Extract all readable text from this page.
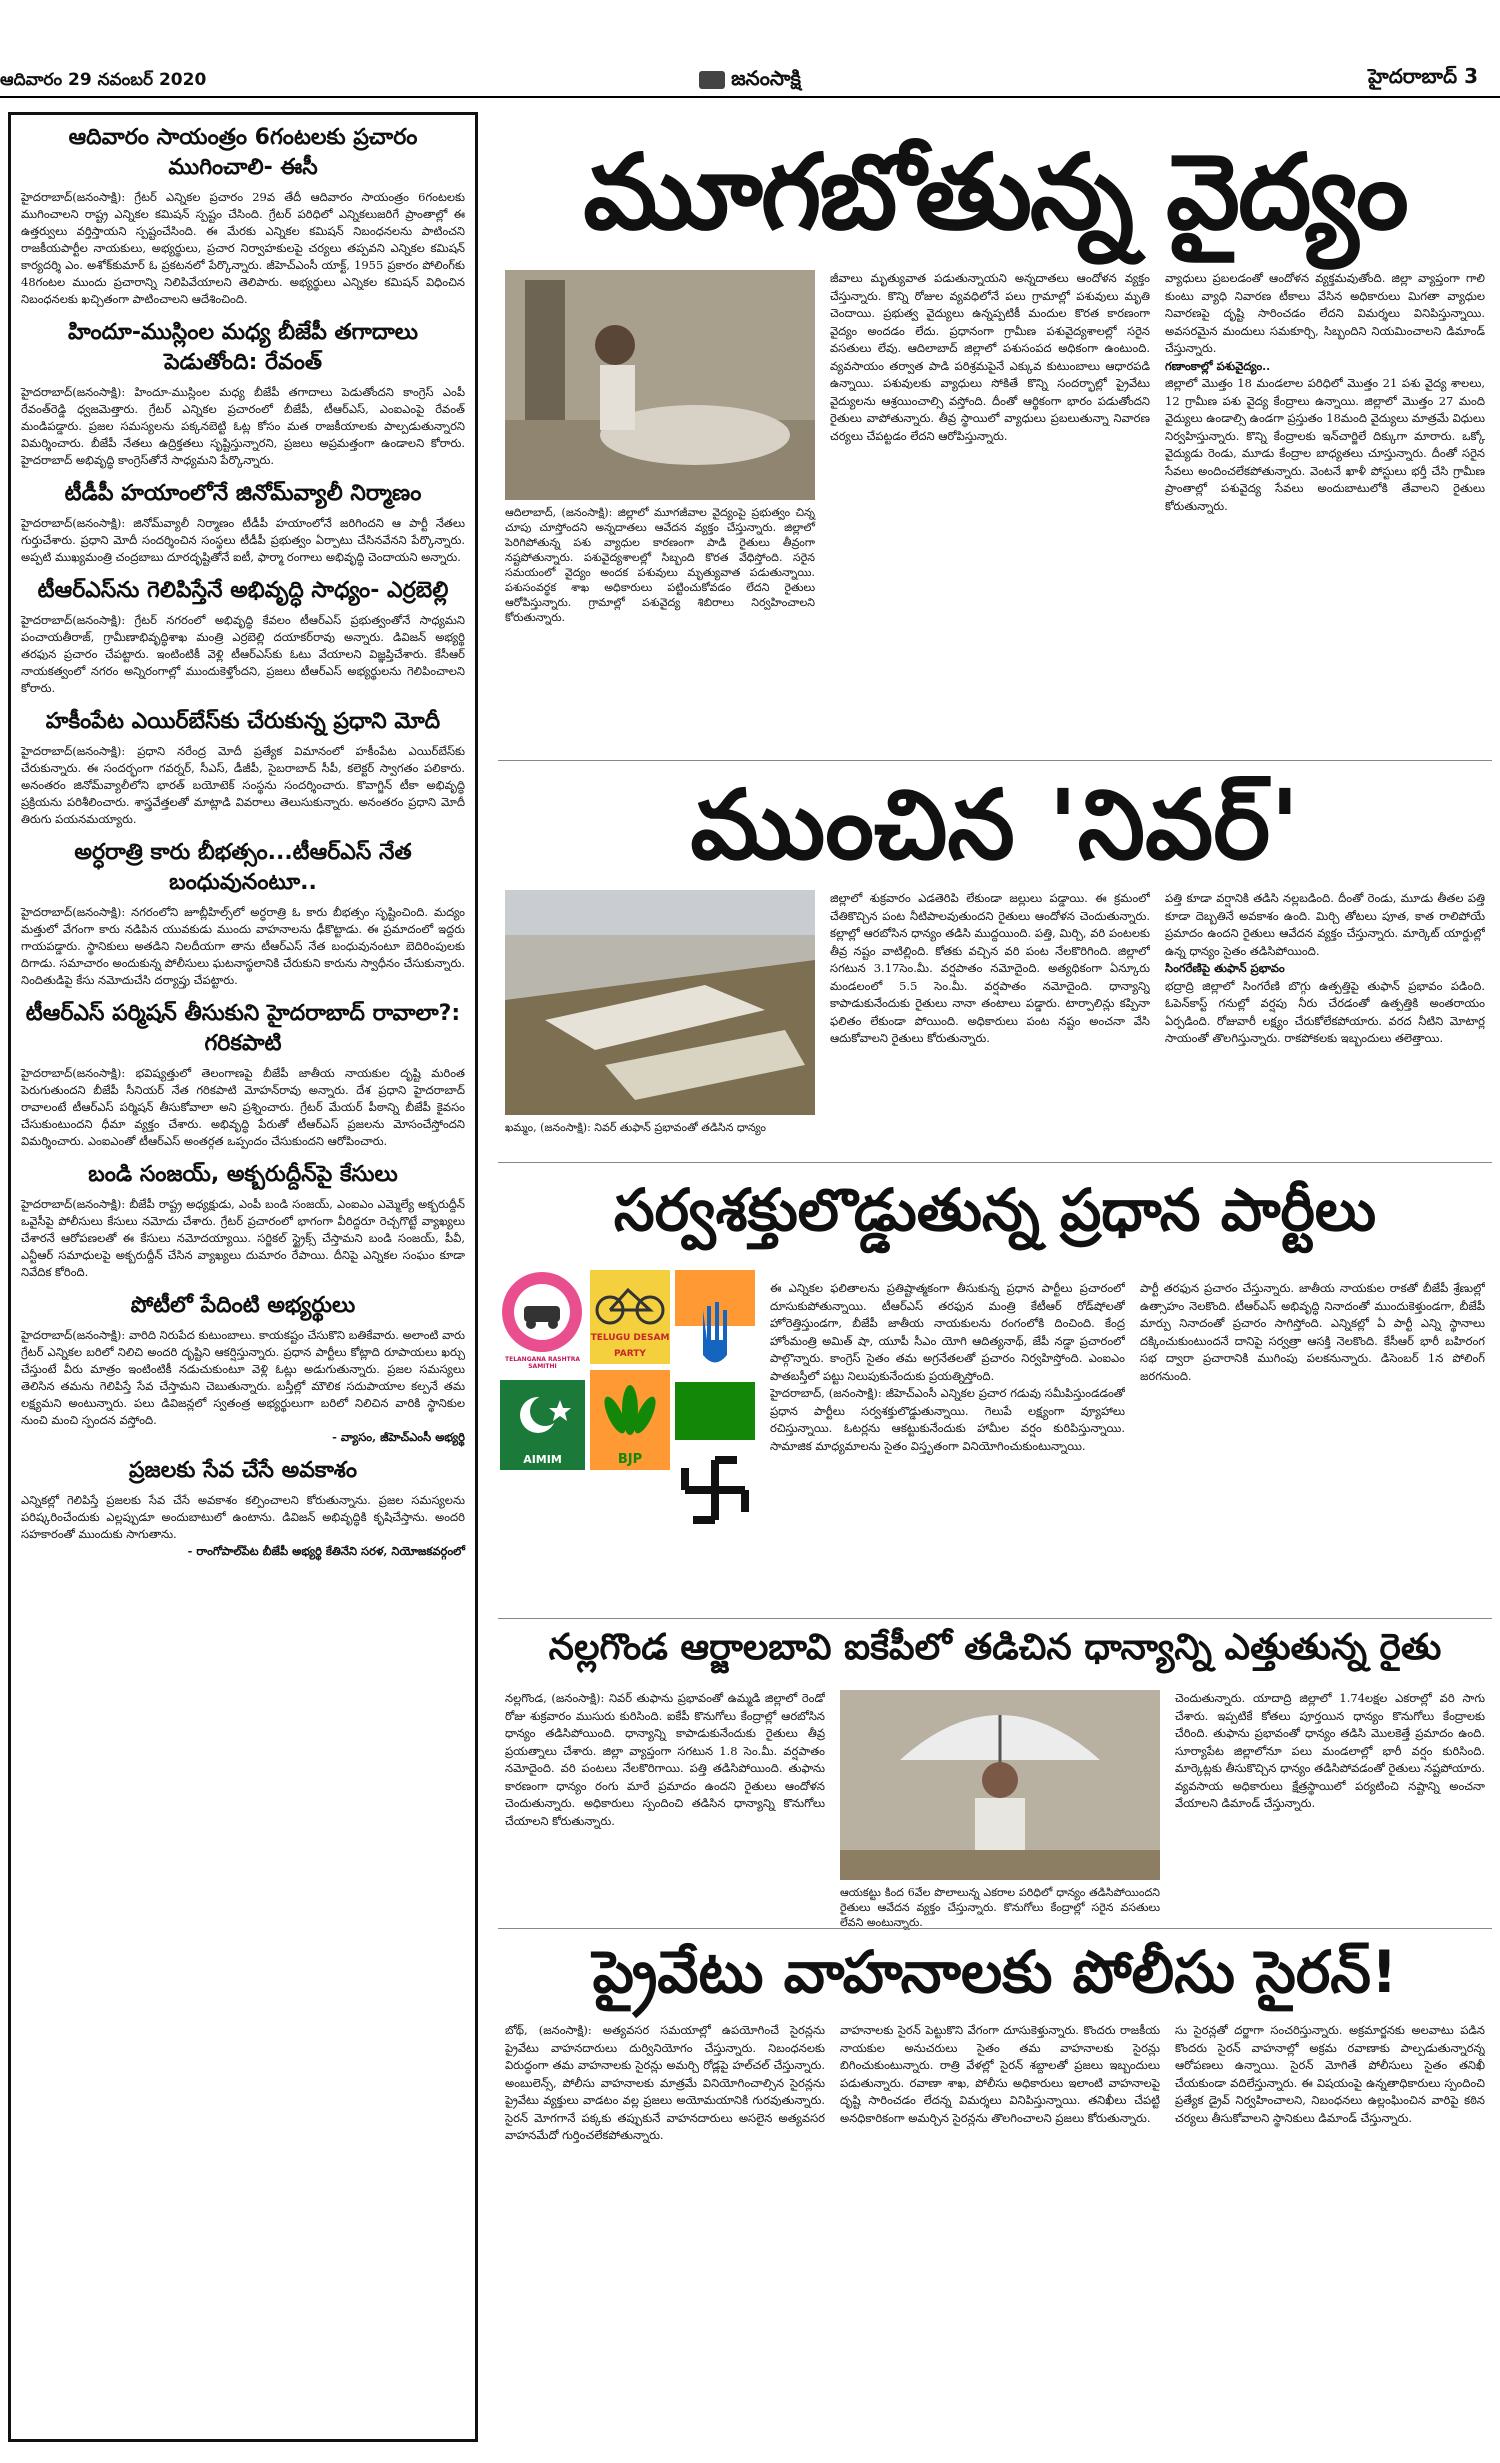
ఆదివారం 29 నవంబర్‌ 2020	జనంసాక్షి	హైదరాబాద్‌ 3
ఆదివారం సాయంత్రం 6గంటలకు ప్రచారం ముగించాలి- ఈసీ
హైదరాబాద్‌(జనంసాక్షి): గ్రేటర్‌ ఎన్నికల ప్రచారం 29వ తేదీ ఆదివారం సాయంత్రం 6గంటలకు ముగించాలని రాష్ట్ర ఎన్నికల కమిషన్‌ స్పష్టం చేసింది. గ్రేటర్‌ పరిధిలో ఎన్నికలుజరిగే ప్రాంతాల్లో ఈ ఉత్తర్వులు వర్తిస్తాయని స్పష్టంచేసింది. ఈ మేరకు ఎన్నికల కమిషన్‌ నిబంధనలను పాటించని రాజకీయపార్టీల నాయకులు, అభ్యర్థులు, ప్రచార నిర్వాహకులపై చర్యలు తప్పవని ఎన్నికల కమిషన్‌ కార్యదర్శి ఎం. అశోక్‌కుమార్‌ ఓ ప్రకటనలో పేర్కొన్నారు. జీహెచ్‌ఎంసీ యాక్ట్‌, 1955 ప్రకారం పోలింగ్‌కు 48గంటల ముందు ప్రచారాన్ని నిలిపివేయాలని తెలిపారు. అభ్యర్థులు ఎన్నికల కమిషన్‌ విధించిన నిబంధనలకు ఖచ్చితంగా పాటించాలని ఆదేశించింది.
హిందూ-ముస్లింల మధ్య బీజేపీ తగాదాలు పెడుతోంది: రేవంత్‌
హైదరాబాద్‌(జనంసాక్షి): హిందూ-ముస్లింల మధ్య బీజేపీ తగాదాలు పెడుతోందని కాంగ్రెస్‌ ఎంపీ రేవంత్‌రెడ్డి ధ్వజమెత్తారు. గ్రేటర్‌ ఎన్నికల ప్రచారంలో బీజేపీ, టీఆర్‌ఎస్‌, ఎంఐఎంపై రేవంత్‌ మండిపడ్డారు. ప్రజల సమస్యలను పక్కనబెట్టి ఓట్ల కోసం మత రాజకీయాలకు పాల్పడుతున్నారని విమర్శించారు. బీజేపీ నేతలు ఉద్రిక్తతలు సృష్టిస్తున్నారని, ప్రజలు అప్రమత్తంగా ఉండాలని కోరారు. హైదరాబాద్‌ అభివృద్ధి కాంగ్రెస్‌తోనే సాధ్యమని పేర్కొన్నారు.
టీడీపీ హయాంలోనే జినోమ్‌వ్యాలీ నిర్మాణం
హైదరాబాద్‌(జనంసాక్షి): జినోమ్‌వ్యాలీ నిర్మాణం టీడీపీ హయాంలోనే జరిగిందని ఆ పార్టీ నేతలు గుర్తుచేశారు. ప్రధాని మోదీ సందర్శించిన సంస్థలు టీడీపీ ప్రభుత్వం ఏర్పాటు చేసినవేనని పేర్కొన్నారు. అప్పటి ముఖ్యమంత్రి చంద్రబాబు దూరదృష్టితోనే ఐటీ, ఫార్మా రంగాలు అభివృద్ధి చెందాయని అన్నారు.
టీఆర్‌ఎస్‌ను గెలిపిస్తేనే అభివృద్ధి సాధ్యం- ఎర్రబెల్లి
హైదరాబాద్‌(జనంసాక్షి): గ్రేటర్‌ నగరంలో అభివృద్ధి కేవలం టీఆర్‌ఎస్‌ ప్రభుత్వంతోనే సాధ్యమని పంచాయతీరాజ్‌, గ్రామీణాభివృద్ధిశాఖ మంత్రి ఎర్రబెల్లి దయాకర్‌రావు అన్నారు. డివిజన్‌ అభ్యర్థి తరఫున ప్రచారం చేపట్టారు. ఇంటింటికీ వెళ్లి టీఆర్‌ఎస్‌కు ఓటు వేయాలని విజ్ఞప్తిచేశారు. కేసీఆర్‌ నాయకత్వంలో నగరం అన్నిరంగాల్లో ముందుకెళ్తోందని, ప్రజలు టీఆర్‌ఎస్‌ అభ్యర్థులను గెలిపించాలని కోరారు.
హకీంపేట ఎయిర్‌బేస్‌కు చేరుకున్న ప్రధాని మోదీ
హైదరాబాద్‌(జనంసాక్షి): ప్రధాని నరేంద్ర మోదీ ప్రత్యేక విమానంలో హకీంపేట ఎయిర్‌బేస్‌కు చేరుకున్నారు. ఈ సందర్భంగా గవర్నర్‌, సీఎస్‌, డీజీపీ, సైబరాబాద్‌ సీపీ, కలెక్టర్‌ స్వాగతం పలికారు. అనంతరం జినోమ్‌వ్యాలీలోని భారత్‌ బయోటెక్‌ సంస్థను సందర్శించారు. కొవాగ్జిన్‌ టీకా అభివృద్ధి ప్రక్రియను పరిశీలించారు. శాస్త్రవేత్తలతో మాట్లాడి వివరాలు తెలుసుకున్నారు. అనంతరం ప్రధాని మోదీ తిరుగు పయనమయ్యారు.
అర్ధరాత్రి కారు బీభత్సం...టీఆర్‌ఎస్‌ నేత బంధువునంటూ..
హైదరాబాద్‌(జనంసాక్షి): నగరంలోని జూబ్లీహిల్స్‌లో అర్ధరాత్రి ఓ కారు బీభత్సం సృష్టించింది. మద్యం మత్తులో వేగంగా కారు నడిపిన యువకుడు ముందు వాహనాలను ఢీకొట్టాడు. ఈ ప్రమాదంలో ఇద్దరు గాయపడ్డారు. స్థానికులు అతడిని నిలదీయగా తాను టీఆర్‌ఎస్‌ నేత బంధువునంటూ బెదిరింపులకు దిగాడు. సమాచారం అందుకున్న పోలీసులు ఘటనాస్థలానికి చేరుకుని కారును స్వాధీనం చేసుకున్నారు. నిందితుడిపై కేసు నమోదుచేసి దర్యాప్తు చేపట్టారు.
టీఆర్‌ఎస్‌ పర్మిషన్‌ తీసుకుని హైదరాబాద్‌ రావాలా?: గరికపాటి
హైదరాబాద్‌(జనంసాక్షి): భవిష్యత్తులో తెలంగాణపై బీజేపీ జాతీయ నాయకుల దృష్టి మరింత పెరుగుతుందని బీజేపీ సీనియర్‌ నేత గరికపాటి మోహన్‌రావు అన్నారు. దేశ ప్రధాని హైదరాబాద్‌ రావాలంటే టీఆర్‌ఎస్‌ పర్మిషన్‌ తీసుకోవాలా అని ప్రశ్నించారు. గ్రేటర్‌ మేయర్‌ పీఠాన్ని బీజేపీ కైవసం చేసుకుంటుందని ధీమా వ్యక్తం చేశారు. అభివృద్ధి పేరుతో టీఆర్‌ఎస్‌ ప్రజలను మోసంచేస్తోందని విమర్శించారు. ఎంఐఎంతో టీఆర్‌ఎస్‌ అంతర్గత ఒప్పందం చేసుకుందని ఆరోపించారు.
బండి సంజయ్‌, అక్బరుద్దీన్‌పై కేసులు
హైదరాబాద్‌(జనంసాక్షి): బీజేపీ రాష్ట్ర అధ్యక్షుడు, ఎంపీ బండి సంజయ్‌, ఎంఐఎం ఎమ్మెల్యే అక్బరుద్దీన్‌ ఒవైసీపై పోలీసులు కేసులు నమోదు చేశారు. గ్రేటర్‌ ప్రచారంలో భాగంగా వీరిద్దరూ రెచ్చగొట్టే వ్యాఖ్యలు చేశారనే ఆరోపణలతో ఈ కేసులు నమోదయ్యాయి. సర్జికల్‌ స్ట్రైక్స్‌ చేస్తామని బండి సంజయ్‌, పీవీ, ఎన్టీఆర్‌ సమాధులపై అక్బరుద్దీన్‌ చేసిన వ్యాఖ్యలు దుమారం రేపాయి. దీనిపై ఎన్నికల సంఘం కూడా నివేదిక కోరింది.
పోటీలో పేదింటి అభ్యర్థులు
హైదరాబాద్‌(జనంసాక్షి): వారిది నిరుపేద కుటుంబాలు. కాయకష్టం చేసుకొని బతికేవారు. అలాంటి వారు గ్రేటర్‌ ఎన్నికల బరిలో నిలిచి అందరి దృష్టిని ఆకర్షిస్తున్నారు. ప్రధాన పార్టీలు కోట్లాది రూపాయలు ఖర్చు చేస్తుంటే వీరు మాత్రం ఇంటింటికీ నడుచుకుంటూ వెళ్లి ఓట్లు అడుగుతున్నారు. ప్రజల సమస్యలు తెలిసిన తమను గెలిపిస్తే సేవ చేస్తామని చెబుతున్నారు. బస్తీల్లో మౌలిక సదుపాయాల కల్పనే తమ లక్ష్యమని అంటున్నారు. పలు డివిజన్లలో స్వతంత్ర అభ్యర్థులుగా బరిలో నిలిచిన వారికి స్థానికుల నుంచి మంచి స్పందన వస్తోంది.
- వ్యాసం, జీహెచ్‌ఎంసీ అభ్యర్థి
ప్రజలకు సేవ చేసే అవకాశం
ఎన్నికల్లో గెలిపిస్తే ప్రజలకు సేవ చేసే అవకాశం కల్పించాలని కోరుతున్నాను. ప్రజల సమస్యలను పరిష్కరించేందుకు ఎల్లప్పుడూ అందుబాటులో ఉంటాను. డివిజన్‌ అభివృద్ధికి కృషిచేస్తాను. అందరి సహకారంతో ముందుకు సాగుతాను.
- రాంగోపాల్‌పేట బీజేపీ అభ్యర్థి కేతినేని సరళ, నియోజకవర్గంలో
మూగబోతున్న వైద్యం
ఆదిలాబాద్‌, (జనంసాక్షి): జిల్లాలో మూగజీవాల వైద్యంపై ప్రభుత్వం చిన్న చూపు చూస్తోందని అన్నదాతలు ఆవేదన వ్యక్తం చేస్తున్నారు. జిల్లాలో పెరిగిపోతున్న పశు వ్యాధుల కారణంగా పాడి రైతులు తీవ్రంగా నష్టపోతున్నారు. పశువైద్యశాలల్లో సిబ్బంది కొరత వేధిస్తోంది. సరైన సమయంలో వైద్యం అందక పశువులు మృత్యువాత పడుతున్నాయి. పశుసంవర్థక శాఖ అధికారులు పట్టించుకోవడం లేదని రైతులు ఆరోపిస్తున్నారు. గ్రామాల్లో పశువైద్య శిబిరాలు నిర్వహించాలని కోరుతున్నారు.
జీవాలు మృత్యువాత పడుతున్నాయని అన్నదాతలు ఆందోళన వ్యక్తం చేస్తున్నారు. కొన్ని రోజుల వ్యవధిలోనే పలు గ్రామాల్లో పశువులు మృతి చెందాయి. ప్రభుత్వ వైద్యులు ఉన్నప్పటికీ మందుల కొరత కారణంగా వైద్యం అందడం లేదు. ప్రధానంగా గ్రామీణ పశువైద్యశాలల్లో సరైన వసతులు లేవు. ఆదిలాబాద్‌ జిల్లాలో పశుసంపద అధికంగా ఉంటుంది. వ్యవసాయం తర్వాత పాడి పరిశ్రమపైనే ఎక్కువ కుటుంబాలు ఆధారపడి ఉన్నాయి. పశువులకు వ్యాధులు సోకితే కొన్ని సందర్భాల్లో ప్రైవేటు వైద్యులను ఆశ్రయించాల్సి వస్తోంది. దీంతో ఆర్థికంగా భారం పడుతోందని రైతులు వాపోతున్నారు. తీవ్ర స్థాయిలో వ్యాధులు ప్రబలుతున్నా నివారణ చర్యలు చేపట్టడం లేదని ఆరోపిస్తున్నారు.
వ్యాధులు ప్రబలడంతో ఆందోళన వ్యక్తమవుతోంది. జిల్లా వ్యాప్తంగా గాలి కుంటు వ్యాధి నివారణ టీకాలు వేసిన అధికారులు మిగతా వ్యాధుల నివారణపై దృష్టి సారించడం లేదని విమర్శలు వినిపిస్తున్నాయి. అవసరమైన మందులు సమకూర్చి, సిబ్బందిని నియమించాలని డిమాండ్‌ చేస్తున్నారు.
గణాంకాల్లో పశువైద్యం..
జిల్లాలో మొత్తం 18 మండలాల పరిధిలో మొత్తం 21 పశు వైద్య శాలలు, 12 గ్రామీణ పశు వైద్య కేంద్రాలు ఉన్నాయి. జిల్లాలో మొత్తం 27 మంది వైద్యులు ఉండాల్సి ఉండగా ప్రస్తుతం 18మంది వైద్యులు మాత్రమే విధులు నిర్వహిస్తున్నారు. కొన్ని కేంద్రాలకు ఇన్‌చార్జిలే దిక్కుగా మారారు. ఒక్కో వైద్యుడు రెండు, మూడు కేంద్రాల బాధ్యతలు చూస్తున్నారు. దీంతో సరైన సేవలు అందించలేకపోతున్నారు. వెంటనే ఖాళీ పోస్టులు భర్తీ చేసి గ్రామీణ ప్రాంతాల్లో పశువైద్య సేవలు అందుబాటులోకి తేవాలని రైతులు కోరుతున్నారు.
ముంచిన 'నివర్‌'
ఖమ్మం, (జనంసాక్షి): నివర్‌ తుఫాన్‌ ప్రభావంతో తడిసిన ధాన్యం
జిల్లాలో శుక్రవారం ఎడతెరిపి లేకుండా జల్లులు పడ్డాయి. ఈ క్రమంలో చేతికొచ్చిన పంట నీటిపాలవుతుందని రైతులు ఆందోళన చెందుతున్నారు. కల్లాల్లో ఆరబోసిన ధాన్యం తడిసి ముద్దయింది. పత్తి, మిర్చి, వరి పంటలకు తీవ్ర నష్టం వాటిల్లింది. కోతకు వచ్చిన వరి పంట నేలకొరిగింది. జిల్లాలో సగటున 3.17సెం.మీ. వర్షపాతం నమోదైంది. అత్యధికంగా ఏన్కూరు మండలంలో 5.5 సెం.మీ. వర్షపాతం నమోదైంది. ధాన్యాన్ని కాపాడుకునేందుకు రైతులు నానా తంటాలు పడ్డారు. టార్పాలిన్లు కప్పినా ఫలితం లేకుండా పోయింది. అధికారులు పంట నష్టం అంచనా వేసి ఆదుకోవాలని రైతులు కోరుతున్నారు.
పత్తి కూడా వర్షానికి తడిసి నల్లబడింది. దీంతో రెండు, మూడు తీతల పత్తి కూడా దెబ్బతినే అవకాశం ఉంది. మిర్చి తోటలు పూత, కాత రాలిపోయే ప్రమాదం ఉందని రైతులు ఆవేదన వ్యక్తం చేస్తున్నారు. మార్కెట్‌ యార్డుల్లో ఉన్న ధాన్యం సైతం తడిసిపోయింది.
సింగరేణిపై తుఫాన్‌ ప్రభావం
భద్రాద్రి జిల్లాలో సింగరేణి బొగ్గు ఉత్పత్తిపై తుఫాన్‌ ప్రభావం పడింది. ఓపెన్‌కాస్ట్‌ గనుల్లో వర్షపు నీరు చేరడంతో ఉత్పత్తికి అంతరాయం ఏర్పడింది. రోజువారీ లక్ష్యం చేరుకోలేకపోయారు. వరద నీటిని మోటార్ల సాయంతో తొలగిస్తున్నారు. రాకపోకలకు ఇబ్బందులు తలెత్తాయి.
సర్వశక్తులొడ్డుతున్న ప్రధాన పార్టీలు
TELANGANA RASHTRA SAMITHI
TELUGU DESAM PARTY
AIMIM	BJP
ఈ ఎన్నికల ఫలితాలను ప్రతిష్టాత్మకంగా తీసుకున్న ప్రధాన పార్టీలు ప్రచారంలో దూసుకుపోతున్నాయి. టీఆర్‌ఎస్‌ తరఫున మంత్రి కేటీఆర్‌ రోడ్‌షోలతో హోరెత్తిస్తుండగా, బీజేపీ జాతీయ నాయకులను రంగంలోకి దించింది. కేంద్ర హోంమంత్రి అమిత్‌ షా, యూపీ సీఎం యోగి ఆదిత్యనాథ్‌, జేపీ నడ్డా ప్రచారంలో పాల్గొన్నారు. కాంగ్రెస్‌ సైతం తమ అగ్రనేతలతో ప్రచారం నిర్వహిస్తోంది. ఎంఐఎం పాతబస్తీలో పట్టు నిలుపుకునేందుకు ప్రయత్నిస్తోంది.
హైదరాబాద్‌, (జనంసాక్షి): జీహెచ్‌ఎంసీ ఎన్నికల ప్రచార గడువు సమీపిస్తుండడంతో ప్రధాన పార్టీలు సర్వశక్తులొడ్డుతున్నాయి. గెలుపే లక్ష్యంగా వ్యూహాలు రచిస్తున్నాయి. ఓటర్లను ఆకట్టుకునేందుకు హామీల వర్షం కురిపిస్తున్నాయి. సామాజిక మాధ్యమాలను సైతం విస్తృతంగా వినియోగించుకుంటున్నాయి.
పార్టీ తరఫున ప్రచారం చేస్తున్నారు. జాతీయ నాయకుల రాకతో బీజేపీ శ్రేణుల్లో ఉత్సాహం నెలకొంది. టీఆర్‌ఎస్‌ అభివృద్ధి నినాదంతో ముందుకెళ్తుండగా, బీజేపీ మార్పు నినాదంతో ప్రచారం సాగిస్తోంది. ఎన్నికల్లో ఏ పార్టీ ఎన్ని స్థానాలు దక్కించుకుంటుందనే దానిపై సర్వత్రా ఆసక్తి నెలకొంది. కేసీఆర్‌ భారీ బహిరంగ సభ ద్వారా ప్రచారానికి ముగింపు పలకనున్నారు. డిసెంబర్‌ 1న పోలింగ్‌ జరగనుంది.
నల్లగొండ ఆర్జాలబావి ఐకేపీలో తడిచిన ధాన్యాన్ని ఎత్తుతున్న రైతు
నల్లగొండ, (జనంసాక్షి): నివర్‌ తుఫాను ప్రభావంతో ఉమ్మడి జిల్లాలో రెండో రోజు శుక్రవారం ముసురు కురిసింది. ఐకేపీ కొనుగోలు కేంద్రాల్లో ఆరబోసిన ధాన్యం తడిసిపోయింది. ధాన్యాన్ని కాపాడుకునేందుకు రైతులు తీవ్ర ప్రయత్నాలు చేశారు. జిల్లా వ్యాప్తంగా సగటున 1.8 సెం.మీ. వర్షపాతం నమోదైంది. వరి పంటలు నేలకొరిగాయి. పత్తి తడిసిపోయింది. తుఫాను కారణంగా ధాన్యం రంగు మారే ప్రమాదం ఉందని రైతులు ఆందోళన చెందుతున్నారు. అధికారులు స్పందించి తడిసిన ధాన్యాన్ని కొనుగోలు చేయాలని కోరుతున్నారు.
ఆయకట్టు కింద 6వేల పొలాలున్న ఎకరాల పరిధిలో ధాన్యం తడిసిపోయిందని రైతులు ఆవేదన వ్యక్తం చేస్తున్నారు. కొనుగోలు కేంద్రాల్లో సరైన వసతులు లేవని అంటున్నారు.
చెందుతున్నారు. యాదాద్రి జిల్లాలో 1.74లక్షల ఎకరాల్లో వరి సాగు చేశారు. ఇప్పటికే కోతలు పూర్తయిన ధాన్యం కొనుగోలు కేంద్రాలకు చేరింది. తుఫాను ప్రభావంతో ధాన్యం తడిసి మొలకెత్తే ప్రమాదం ఉంది. సూర్యాపేట జిల్లాలోనూ పలు మండలాల్లో భారీ వర్షం కురిసింది. మార్కెట్లకు తీసుకొచ్చిన ధాన్యం తడిసిపోవడంతో రైతులు నష్టపోయారు. వ్యవసాయ అధికారులు క్షేత్రస్థాయిలో పర్యటించి నష్టాన్ని అంచనా వేయాలని డిమాండ్‌ చేస్తున్నారు.
ప్రైవేటు వాహనాలకు పోలీసు సైరన్‌!
బోథ్‌, (జనంసాక్షి): అత్యవసర సమయాల్లో ఉపయోగించే సైరన్లను ప్రైవేటు వాహనదారులు దుర్వినియోగం చేస్తున్నారు. నిబంధనలకు విరుద్ధంగా తమ వాహనాలకు సైరన్లు అమర్చి రోడ్లపై హల్‌చల్‌ చేస్తున్నారు. అంబులెన్స్‌, పోలీసు వాహనాలకు మాత్రమే వినియోగించాల్సిన సైరన్లను ప్రైవేటు వ్యక్తులు వాడటం వల్ల ప్రజలు అయోమయానికి గురవుతున్నారు. సైరన్‌ మోగగానే పక్కకు తప్పుకునే వాహనదారులు అసలైన అత్యవసర వాహనమేదో గుర్తించలేకపోతున్నారు.
వాహనాలకు సైరన్‌ పెట్టుకొని వేగంగా దూసుకెళ్తున్నారు. కొందరు రాజకీయ నాయకుల అనుచరులు సైతం తమ వాహనాలకు సైరన్లు బిగించుకుంటున్నారు. రాత్రి వేళల్లో సైరన్‌ శబ్దాలతో ప్రజలు ఇబ్బందులు పడుతున్నారు. రవాణా శాఖ, పోలీసు అధికారులు ఇలాంటి వాహనాలపై దృష్టి సారించడం లేదన్న విమర్శలు వినిపిస్తున్నాయి. తనిఖీలు చేపట్టి అనధికారికంగా అమర్చిన సైరన్లను తొలగించాలని ప్రజలు కోరుతున్నారు.
సు సైరన్లతో దర్జాగా సంచరిస్తున్నారు. అక్రమార్జనకు అలవాటు పడిన కొందరు సైరన్‌ వాహనాల్లో అక్రమ రవాణాకు పాల్పడుతున్నారన్న ఆరోపణలు ఉన్నాయి. సైరన్‌ మోగితే పోలీసులు సైతం తనిఖీ చేయకుండా వదిలేస్తున్నారు. ఈ విషయంపై ఉన్నతాధికారులు స్పందించి ప్రత్యేక డ్రైవ్‌ నిర్వహించాలని, నిబంధనలు ఉల్లంఘించిన వారిపై కఠిన చర్యలు తీసుకోవాలని స్థానికులు డిమాండ్‌ చేస్తున్నారు.
